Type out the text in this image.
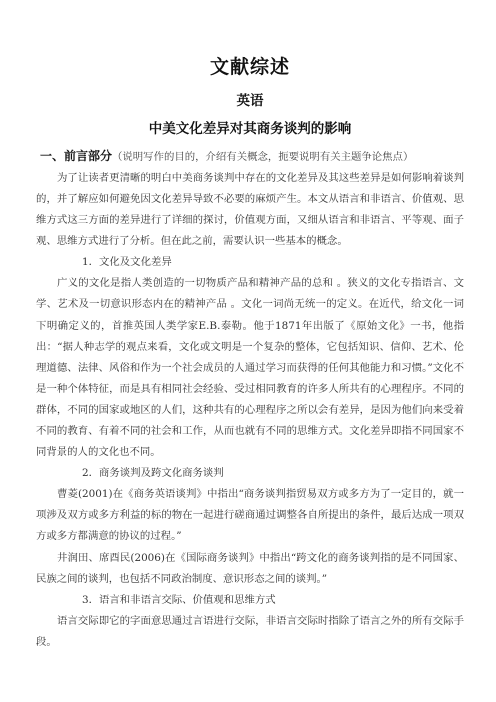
文献综述
英语
中美文化差异对其商务谈判的影响

一、前言部分（说明写作的目的，介绍有关概念，扼要说明有关主题争论焦点）

为了让读者更清晰的明白中美商务谈判中存在的文化差异及其这些差异是如何影响着谈判的，并了解应如何避免因文化差异导致不必要的麻烦产生。本文从语言和非语言、价值观、思维方式这三方面的差异进行了详细的探讨，价值观方面，又细从语言和非语言、平等观、面子观、思维方式进行了分析。但在此之前，需要认识一些基本的概念。

1．文化及文化差异

广义的文化是指人类创造的一切物质产品和精神产品的总和 。狭义的文化专指语言、文学、艺术及一切意识形态内在的精神产品 。文化一词尚无统一的定义。在近代，给文化一词下明确定义的，首推英国人类学家E.B.泰勒。他于1871年出版了《原始文化》一书，他指出：“据人种志学的观点来看，文化或文明是一个复杂的整体，它包括知识、信仰、艺术、伦理道德、法律、风俗和作为一个社会成员的人通过学习而获得的任何其他能力和习惯。”文化不是一种个体特征，而是具有相同社会经验、受过相同教育的许多人所共有的心理程序。不同的群体，不同的国家或地区的人们，这种共有的心理程序之所以会有差异，是因为他们向来受着不同的教育、有着不同的社会和工作，从而也就有不同的思维方式。文化差异即指不同国家不同背景的人的文化也不同。

2．商务谈判及跨文化商务谈判

曹菱(2001)在《商务英语谈判》中指出“商务谈判指贸易双方或多方为了一定目的，就一项涉及双方或多方利益的标的物在一起进行磋商通过调整各自所提出的条件，最后达成一项双方或多方都满意的协议的过程。”

井润田、席酉民(2006)在《国际商务谈判》中指出“跨文化的商务谈判指的是不同国家、民族之间的谈判，也包括不同政治制度、意识形态之间的谈判。”

3．语言和非语言交际、价值观和思维方式

语言交际即它的字面意思通过言语进行交际，非语言交际时指除了语言之外的所有交际手段。
